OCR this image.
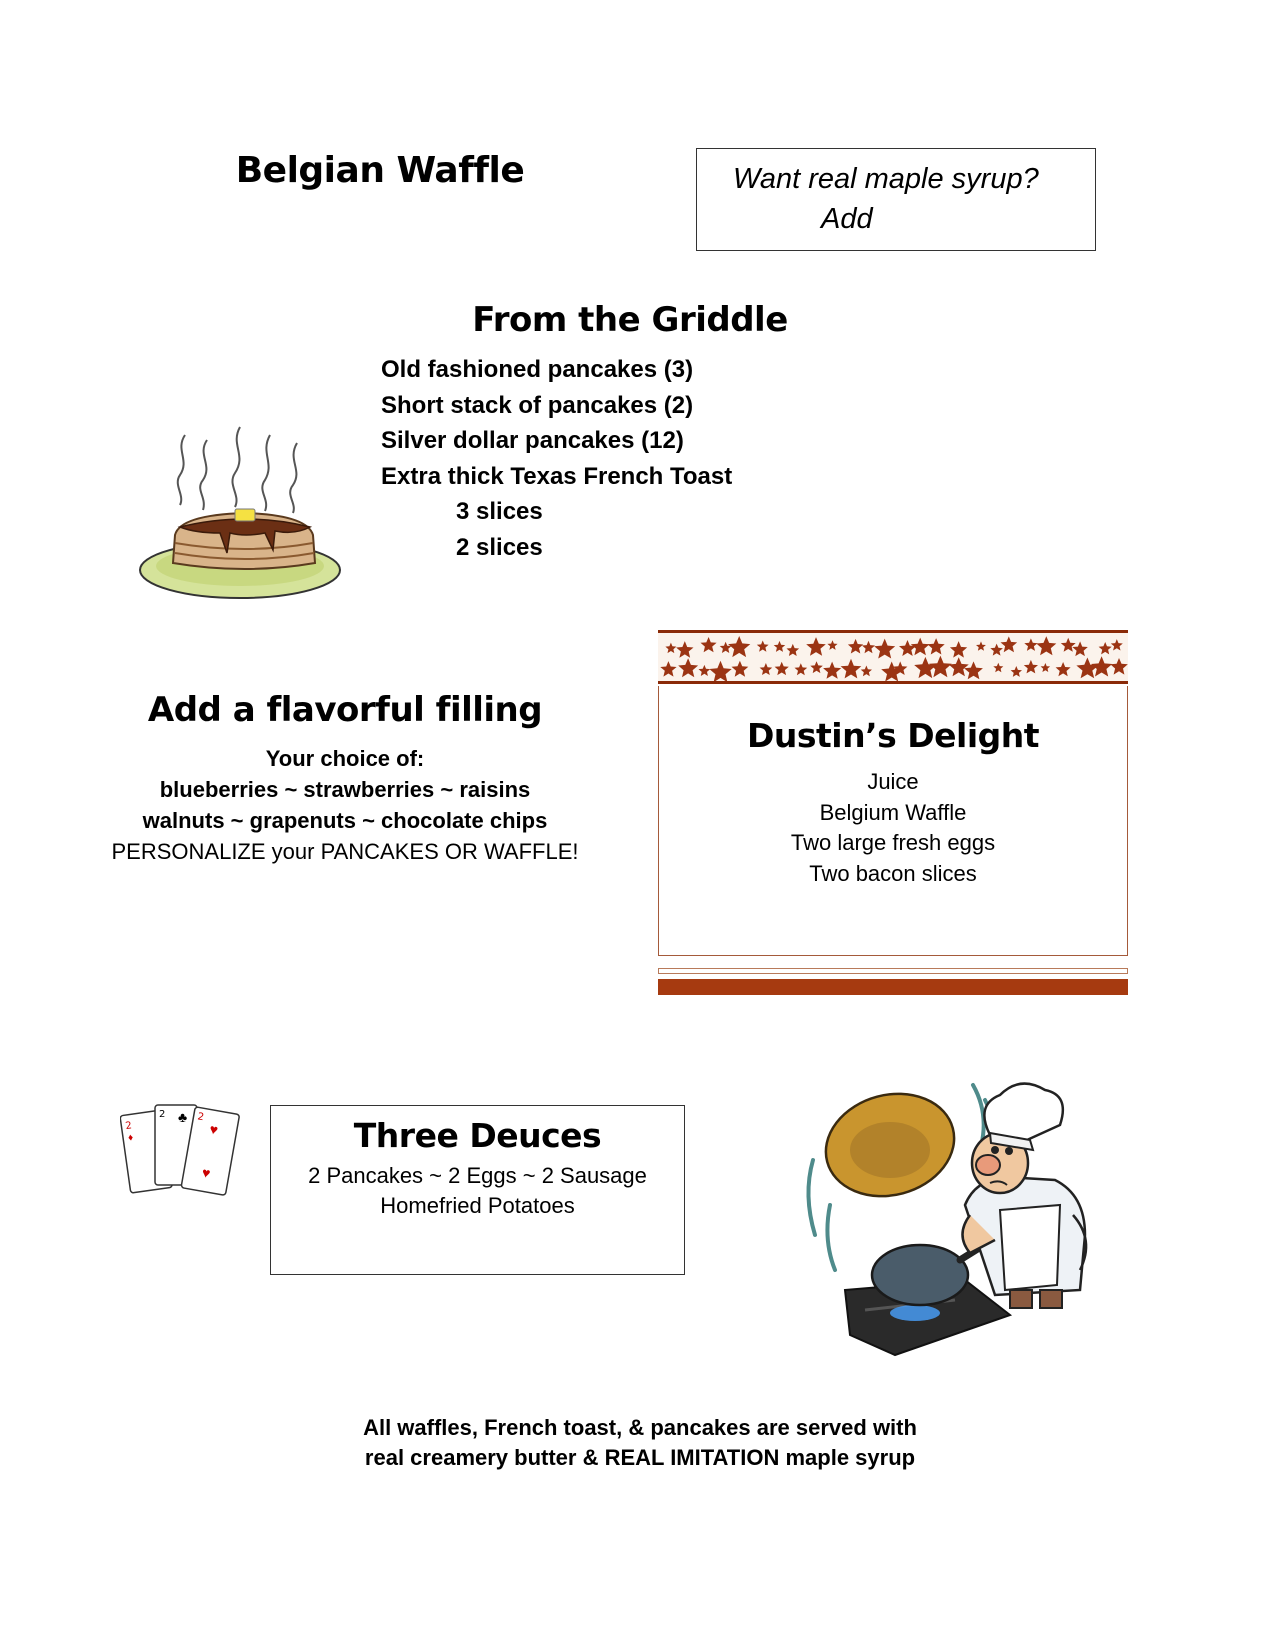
Belgian Waffle	Want real maple syrup?
Add
From the Griddle
Old fashioned pancakes (3)
Short stack of pancakes (2)
Silver dollar pancakes (12)
Extra thick Texas French Toast
3 slices
2 slices
Add a flavorful filling
Your choice of:
blueberries ~ strawberries ~ raisins
walnuts ~ grapenuts ~ chocolate chips
PERSONALIZE your PANCAKES OR WAFFLE!
Dustin’s Delight
Juice
Belgium Waffle
Two large fresh eggs
Two bacon slices
2
♦
2 ♣ 2
♥
♥
Three Deuces
2 Pancakes ~ 2 Eggs ~ 2 Sausage
Homefried Potatoes
All waffles, French toast, & pancakes are served with
real creamery butter & REAL IMITATION maple syrup
